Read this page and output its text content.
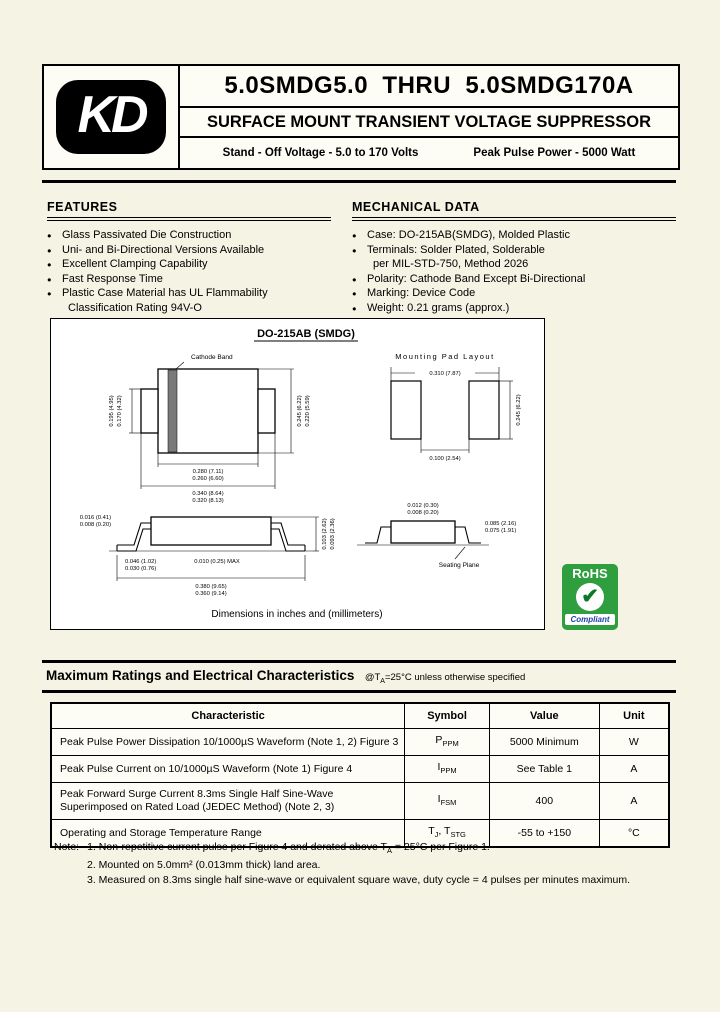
KD
5.0SMDG5.0  THRU  5.0SMDG170A
SURFACE MOUNT TRANSIENT VOLTAGE SUPPRESSOR
Stand - Off Voltage - 5.0 to 170 Volts	Peak Pulse Power - 5000 Watt
FEATURES
● Glass Passivated Die Construction
● Uni- and Bi-Directional Versions Available
● Excellent Clamping Capability
● Fast Response Time
● Plastic Case Material has UL Flammability
Classification Rating 94V-O
MECHANICAL DATA
● Case: DO-215AB(SMDG), Molded Plastic
● Terminals: Solder Plated, Solderable
per MIL-STD-750, Method 2026
● Polarity: Cathode Band Except Bi-Directional
● Marking: Device Code
● Weight: 0.21 grams (approx.)
DO-215AB (SMDG)
Cathode Band
0.195 (4.95) 0.170 (4.32)	0.245 (6.22) 0.220 (5.59)
0.280 (7.11)
0.260 (6.60)
0.340 (8.64)
0.320 (8.13)
Mounting Pad Layout
0.310 (7.87)
0.245 (6.22)
0.100 (2.54)
0.016 (0.41)
0.008 (0.20)	0.103 (2.62) 0.093 (2.36)
0.046 (1.02)
0.030 (0.76)
0.010 (0.25) MAX
0.380 (9.65)
0.360 (9.14)
0.012 (0.30)
0.008 (0.20)
Seating Plane
0.085 (2.16)
0.075 (1.91)
Dimensions in inches and (millimeters)
RoHS
✔
Compliant
Maximum Ratings and Electrical Characteristics $@T_A=25^\circ C$ unless otherwise specified
Characteristic	Symbol	Value	Unit
Peak Pulse Power Dissipation 10/1000µS Waveform (Note 1, 2) Figure 3	$P_{PPM}$	5000 Minimum	W
Peak Pulse Current on 10/1000µS Waveform (Note 1) Figure 4	$I_{PPM}$	See Table 1	A
Peak Forward Surge Current 8.3ms Single Half Sine-Wave Superimposed on Rated Load (JEDEC Method) (Note 2, 3)	$I_{FSM}$	400	A
Operating and Storage Temperature Range	$T_J$, $T_{STG}$	-55 to +150	°C
Note: 1. Non-repetitive current pulse per Figure 4 and derated above $T_A = 25^\circ C$ per Figure 1.
2. Mounted on 5.0mm² (0.013mm thick) land area.
3. Measured on 8.3ms single half sine-wave or equivalent square wave, duty cycle = 4 pulses per minutes maximum.
